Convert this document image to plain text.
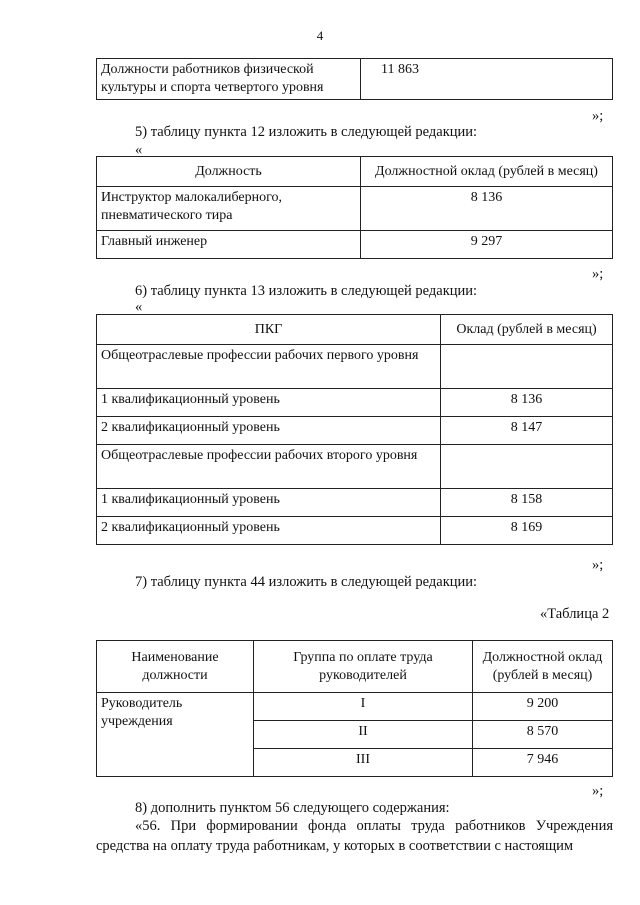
4
Должности работников физической культуры и спорта четвертого уровня	11 863
»;
5) таблицу пункта 12 изложить в следующей редакции:
«
Должность	Должностной оклад (рублей в месяц)
Инструктор малокалиберного, пневматического тира	8 136
Главный инженер	9 297
»;
6) таблицу пункта 13 изложить в следующей редакции:
«
ПКГ	Оклад (рублей в месяц)
Общеотраслевые профессии рабочих первого уровня	
1 квалификационный уровень	8 136
2 квалификационный уровень	8 147
Общеотраслевые профессии рабочих второго уровня	
1 квалификационный уровень	8 158
2 квалификационный уровень	8 169
»;
7) таблицу пункта 44 изложить в следующей редакции:
«Таблица 2
Наименование должности	Группа по оплате труда руководителей	Должностной оклад (рублей в месяц)
Руководитель учреждения	I	9 200
	II	8 570
	III	7 946
»;
8) дополнить пунктом 56 следующего содержания:
«56. При формировании фонда оплаты труда работников Учреждения средства на оплату труда работникам, у которых в соответствии с настоящим
